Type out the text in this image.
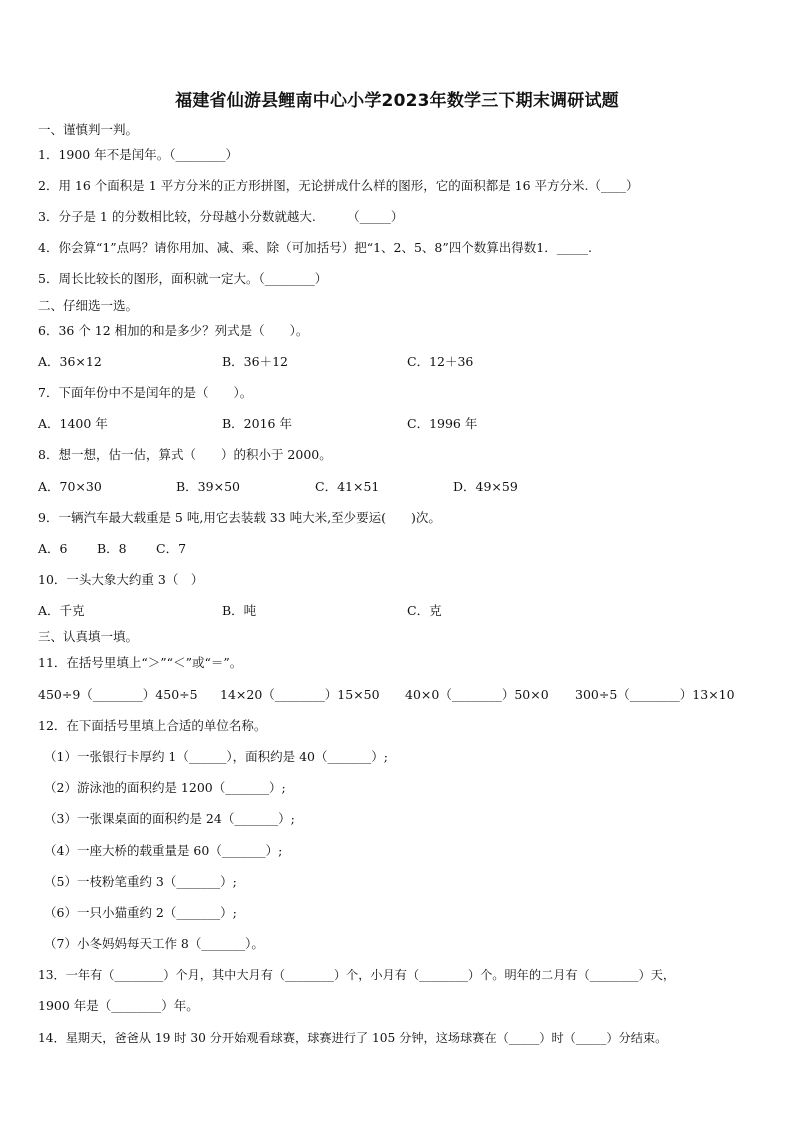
福建省仙游县鲤南中心小学2023年数学三下期末调研试题
一、谨慎判一判。
1．1900 年不是闰年。（________）
2．用 16 个面积是 1 平方分米的正方形拼图，无论拼成什么样的图形，它的面积都是 16 平方分米.（____）
3．分子是 1 的分数相比较，分母越小分数就越大.　　　（_____）
4．你会算“1”点吗？请你用加、减、乘、除（可加括号）把“1、2、5、8”四个数算出得数1．_____.
5．周长比较长的图形，面积就一定大。（________）
二、仔细选一选。
6．36 个 12 相加的和是多少？列式是（　　）。
A．36×12	B．36＋12	C．12＋36
7．下面年份中不是闰年的是（　　）。
A．1400 年	B．2016 年	C．1996 年
8．想一想，估一估，算式（　　）的积小于 2000。
A．70×30	B．39×50	C．41×51	D．49×59
9．一辆汽车最大载重是 5 吨,用它去装载 33 吨大米,至少要运(　　)次。
A．6 B．8 C．7
10．一头大象大约重 3（　）
A．千克	B．吨	C．克
三、认真填一填。
11．在括号里填上“＞”“＜”或“＝”。
450÷9（________）450÷5 14×20（________）15×50 40×0（________）50×0 300÷5（________）13×10
12．在下面括号里填上合适的单位名称。
（1）一张银行卡厚约 1（______），面积约是 40（_______）;
（2）游泳池的面积约是 1200（_______）;
（3）一张课桌面的面积约是 24（_______）;
（4）一座大桥的载重量是 60（_______）;
（5）一枝粉笔重约 3（_______）;
（6）一只小猫重约 2（_______）;
（7）小冬妈妈每天工作 8（_______）。
13．一年有（________）个月，其中大月有（________）个，小月有（________）个。明年的二月有（________）天，
1900 年是（________）年。
14．星期天，爸爸从 19 时 30 分开始观看球赛，球赛进行了 105 分钟，这场球赛在（_____）时（_____）分结束。
